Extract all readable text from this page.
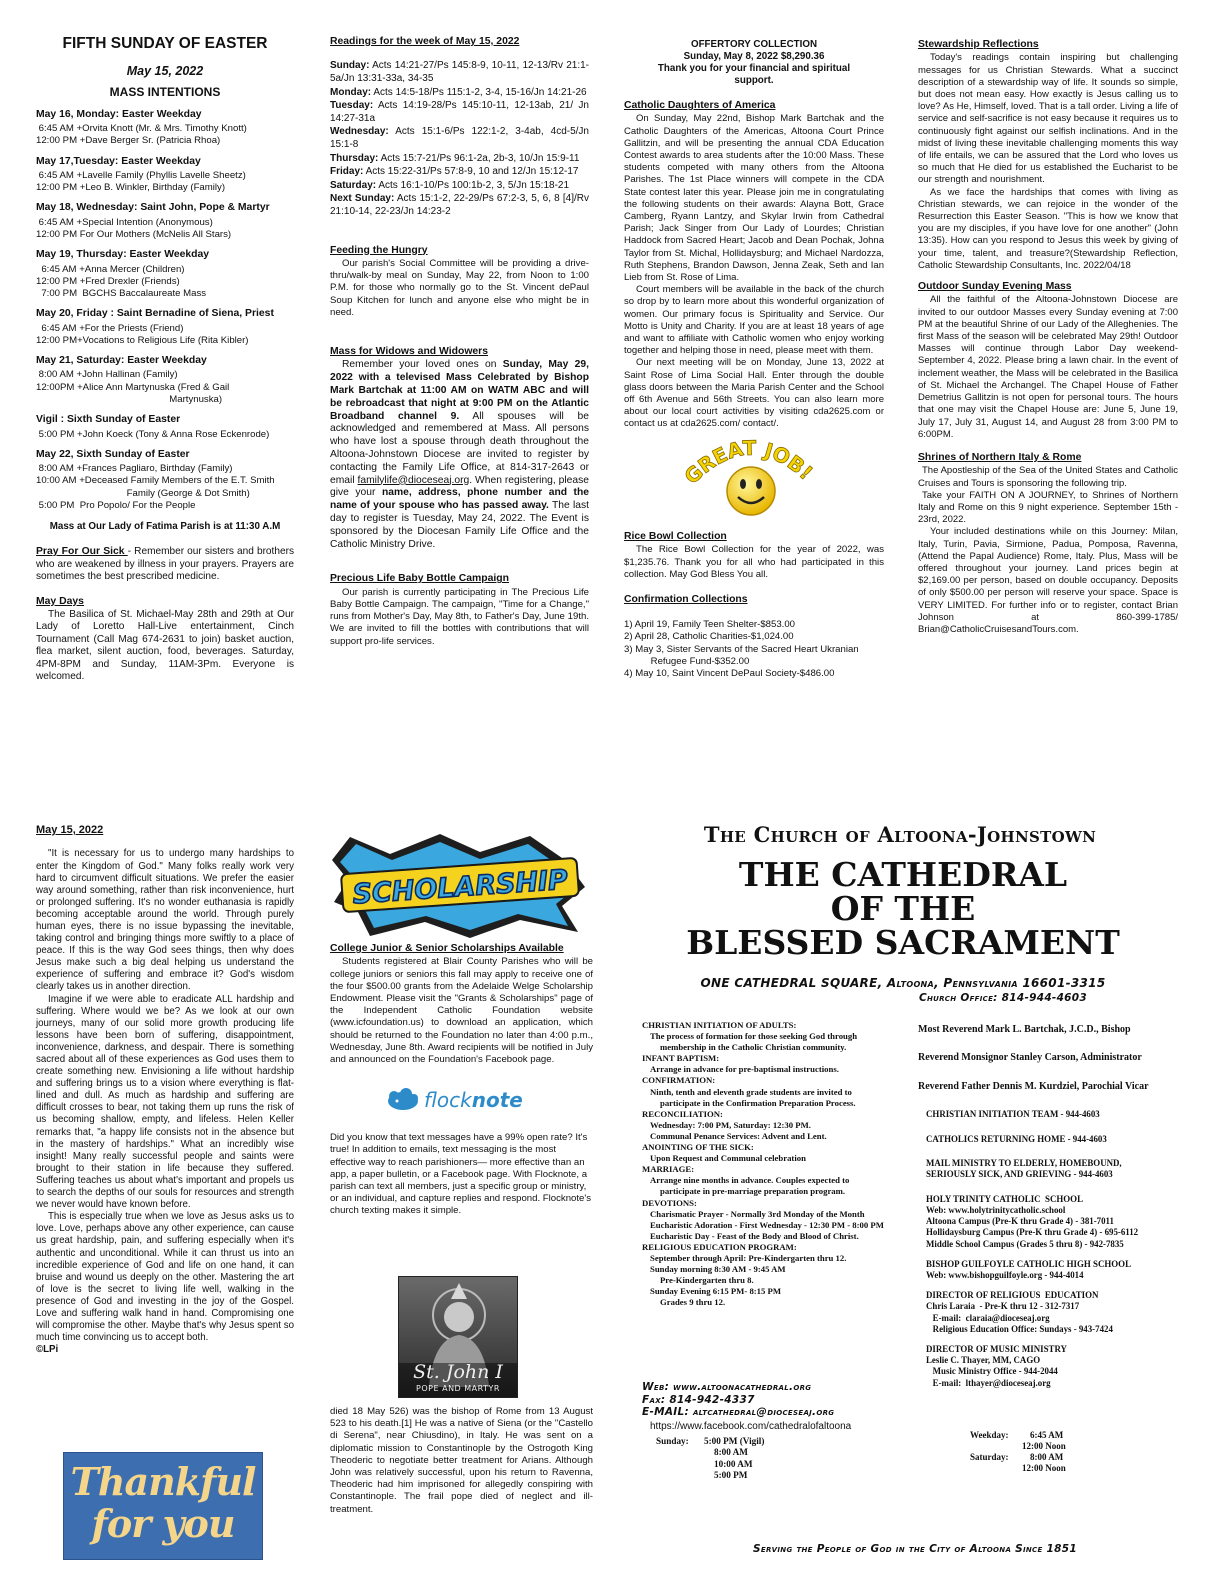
FIFTH SUNDAY OF EASTER
May 15, 2022
MASS INTENTIONS
May 16, Monday: Easter Weekday
6:45 AM +Orvita Knott (Mr. & Mrs. Timothy Knott)
12:00 PM +Dave Berger Sr. (Patricia Rhoa)
May 17,Tuesday: Easter Weekday
6:45 AM +Lavelle Family (Phyllis Lavelle Sheetz)
12:00 PM +Leo B. Winkler, Birthday (Family)
May 18, Wednesday: Saint John, Pope & Martyr
6:45 AM +Special Intention (Anonymous)
12:00 PM For Our Mothers (McNelis All Stars)
May 19, Thursday: Easter Weekday
6:45 AM +Anna Mercer (Children)
12:00 PM +Fred Drexler (Friends)
7:00 PM  BGCHS Baccalaureate Mass
May 20, Friday : Saint Bernadine of Siena, Priest
6:45 AM +For the Priests (Friend)
12:00 PM+Vocations to Religious Life (Rita Kibler)
May 21, Saturday: Easter Weekday
8:00 AM +John Hallinan (Family)
12:00PM +Alice Ann Martynuska (Fred & Gail
Martynuska)
Vigil : Sixth Sunday of Easter
5:00 PM +John Koeck (Tony & Anna Rose Eckenrode)
May 22, Sixth Sunday of Easter
8:00 AM +Frances Pagliaro, Birthday (Family)
10:00 AM +Deceased Family Members of the E.T. Smith
Family (George & Dot Smith)
5:00 PM  Pro Popolo/ For the People
Mass at Our Lady of Fatima Parish is at 11:30 A.M
Pray For Our Sick - Remember our sisters and brothers who are weakened by illness in your prayers. Prayers are sometimes the best prescribed medicine.
May Days
The Basilica of St. Michael-May 28th and 29th at Our Lady of Loretto Hall-Live entertainment, Cinch Tournament (Call Mag 674-2631 to join) basket auction, flea market, silent auction, food, beverages. Saturday, 4PM-8PM and Sunday, 11AM-3Pm. Everyone is welcomed.
Readings for the week of May 15, 2022

Sunday: Acts 14:21-27/Ps 145:8-9, 10-11, 12-13/Rv 21:1-5a/Jn 13:31-33a, 34-35

Monday: Acts 14:5-18/Ps 115:1-2, 3-4, 15-16/Jn 14:21-26

Tuesday: Acts 14:19-28/Ps 145:10-11, 12-13ab, 21/ Jn 14:27-31a

Wednesday: Acts 15:1-6/Ps 122:1-2, 3-4ab, 4cd-5/Jn 15:1-8

Thursday: Acts 15:7-21/Ps 96:1-2a, 2b-3, 10/Jn 15:9-11

Friday: Acts 15:22-31/Ps 57:8-9, 10 and 12/Jn 15:12-17

Saturday: Acts 16:1-10/Ps 100:1b-2, 3, 5/Jn 15:18-21

Next Sunday: Acts 15:1-2, 22-29/Ps 67:2-3, 5, 6, 8 [4]/Rv 21:10-14, 22-23/Jn 14:23-2

Feeding the Hungry
Our parish's Social Committee will be providing a drive-thru/walk-by meal on Sunday, May 22, from Noon to 1:00 P.M. for those who normally go to the St. Vincent dePaul Soup Kitchen for lunch and anyone else who might be in need.
Mass for Widows and Widowers
Remember your loved ones on Sunday, May 29, 2022 with a televised Mass Celebrated by Bishop Mark Bartchak at 11:00 AM on WATM ABC and will be rebroadcast that night at 9:00 PM on the Atlantic Broadband channel 9. All spouses will be acknowledged and remembered at Mass. All persons who have lost a spouse through death throughout the Altoona-Johnstown Diocese are invited to register by contacting the Family Life Office, at 814-317-2643 or email familylife@dioceseaj.org. When registering, please give your name, address, phone number and the name of your spouse who has passed away. The last day to register is Tuesday, May 24, 2022. The Event is sponsored by the Diocesan Family Life Office and the Catholic Ministry Drive.
Precious Life Baby Bottle Campaign
Our parish is currently participating in The Precious Life Baby Bottle Campaign. The campaign, "Time for a Change," runs from Mother's Day, May 8th, to Father's Day, June 19th. We are invited to fill the bottles with contributions that will support pro-life services.
OFFERTORY COLLECTION
Sunday, May 8, 2022 $8,290.36
Thank you for your financial and spiritual support.
Catholic Daughters of America
On Sunday, May 22nd, Bishop Mark Bartchak and the Catholic Daughters of the Americas, Altoona Court Prince Gallitzin, and will be presenting the annual CDA Education Contest awards to area students after the 10:00 Mass. These students competed with many others from the Altoona Parishes. The 1st Place winners will compete in the CDA State contest later this year. Please join me in congratulating the following students on their awards: Alayna Bott, Grace Camberg, Ryann Lantzy, and Skylar Irwin from Cathedral Parish; Jack Singer from Our Lady of Lourdes; Christian Haddock from Sacred Heart; Jacob and Dean Pochak, Johna Taylor from St. Michal, Hollidaysburg; and Michael Nardozza, Ruth Stephens, Brandon Dawson, Jenna Zeak, Seth and Ian Lieb from St. Rose of Lima.
Court members will be available in the back of the church so drop by to learn more about this wonderful organization of women. Our primary focus is Spirituality and Service. Our Motto is Unity and Charity. If you are at least 18 years of age and want to affiliate with Catholic women who enjoy working together and helping those in need, please meet with them.
Our next meeting will be on Monday, June 13, 2022 at Saint Rose of Lima Social Hall. Enter through the double glass doors between the Maria Parish Center and the School off 6th Avenue and 56th Streets. You can also learn more about our local court activities by visiting cda2625.com or contact us at cda2625.com/ contact/.
GREAT JOB!
Rice Bowl Collection
The Rice Bowl Collection for the year of 2022, was $1,235.76. Thank you for all who had participated in this collection. May God Bless You all.
Confirmation Collections
1) April 19, Family Teen Shelter-$853.00
2) April 28, Catholic Charities-$1,024.00
3) May 3, Sister Servants of the Sacred Heart Ukranian
Refugee Fund-$352.00
4) May 10, Saint Vincent DePaul Society-$486.00
Stewardship Reflections
Today's readings contain inspiring but challenging messages for us Christian Stewards. What a succinct description of a stewardship way of life. It sounds so simple, but does not mean easy. How exactly is Jesus calling us to love? As He, Himself, loved. That is a tall order. Living a life of service and self-sacrifice is not easy because it requires us to continuously fight against our selfish inclinations. And in the midst of living these inevitable challenging moments this way of life entails, we can be assured that the Lord who loves us so much that He died for us established the Eucharist to be our strength and nourishment.
As we face the hardships that comes with living as Christian stewards, we can rejoice in the wonder of the Resurrection this Easter Season. "This is how we know that you are my disciples, if you have love for one another" (John 13:35). How can you respond to Jesus this week by giving of your time, talent, and treasure?(Stewardship Reflection, Catholic Stewardship Consultants, Inc. 2022/04/18
Outdoor Sunday Evening Mass
All the faithful of the Altoona-Johnstown Diocese are invited to our outdoor Masses every Sunday evening at 7:00 PM at the beautiful Shrine of our Lady of the Alleghenies. The first Mass of the season will be celebrated May 29th! Outdoor Masses will continue through Labor Day weekend- September 4, 2022. Please bring a lawn chair. In the event of inclement weather, the Mass will be celebrated in the Basilica of St. Michael the Archangel. The Chapel House of Father Demetrius Gallitzin is not open for personal tours. The hours that one may visit the Chapel House are: June 5, June 19, July 17, July 31, August 14, and August 28 from 3:00 PM to 6:00PM.
Shrines of Northern Italy & Rome
The Apostleship of the Sea of the United States and Catholic Cruises and Tours is sponsoring the following trip.
Take your FAITH ON A JOURNEY, to Shrines of Northern Italy and Rome on this 9 night experience. September 15th - 23rd, 2022.
Your included destinations while on this Journey: Milan, Italy, Turin, Pavia, Sirmione, Padua, Pomposa, Ravenna, (Attend the Papal Audience) Rome, Italy. Plus, Mass will be offered throughout your journey. Land prices begin at $2,169.00 per person, based on double occupancy. Deposits of only $500.00 per person will reserve your space. Space is VERY LIMITED. For further info or to register, contact Brian Johnson at 860-399-1785/ Brian@CatholicCruisesandTours.com.
May 15, 2022
"It is necessary for us to undergo many hardships to enter the Kingdom of God." Many folks really work very hard to circumvent difficult situations. We prefer the easier way around something, rather than risk inconvenience, hurt or prolonged suffering. It's no wonder euthanasia is rapidly becoming acceptable around the world. Through purely human eyes, there is no issue bypassing the inevitable, taking control and bringing things more swiftly to a place of peace. If this is the way God sees things, then why does Jesus make such a big deal helping us understand the experience of suffering and embrace it? God's wisdom clearly takes us in another direction.
Imagine if we were able to eradicate ALL hardship and suffering. Where would we be? As we look at our own journeys, many of our solid more growth producing life lessons have been born of suffering, disappointment, inconvenience, darkness, and despair. There is something sacred about all of these experiences as God uses them to create something new. Envisioning a life without hardship and suffering brings us to a vision where everything is flat-lined and dull. As much as hardship and suffering are difficult crosses to bear, not taking them up runs the risk of us becoming shallow, empty, and lifeless. Helen Keller remarks that, "a happy life consists not in the absence but in the mastery of hardships." What an incredibly wise insight! Many really successful people and saints were brought to their station in life because they suffered. Suffering teaches us about what's important and propels us to search the depths of our souls for resources and strength we never would have known before.
This is especially true when we love as Jesus asks us to love. Love, perhaps above any other experience, can cause us great hardship, pain, and suffering especially when it's authentic and unconditional. While it can thrust us into an incredible experience of God and life on one hand, it can bruise and wound us deeply on the other. Mastering the art of love is the secret to living life well, walking in the presence of God and investing in the joy of the Gospel. Love and suffering walk hand in hand. Compromising one will compromise the other. Maybe that's why Jesus spent so much time convincing us to accept both.
©LPi
Thankful
for you
SCHOLARSHIP
College Junior & Senior Scholarships Available
Students registered at Blair County Parishes who will be college juniors or seniors this fall may apply to receive one of the four $500.00 grants from the Adelaide Welge Scholarship Endowment. Please visit the "Grants & Scholarships" page of the Independent Catholic Foundation website (www.icfoundation.us) to download an application, which should be returned to the Foundation no later than 4:00 p.m., Wednesday, June 8th. Award recipients will be notified in July and announced on the Foundation's Facebook page.
flock note
Did you know that text messages have a 99% open rate? It's true! In addition to emails, text messaging is the most effective way to reach parishioners— more effective than an app, a paper bulletin, or a Facebook page. With Flocknote, a parish can text all members, just a specific group or ministry, or an individual, and capture replies and respond. Flocknote's church texting makes it simple.
St. John I
POPE AND MARTYR
died 18 May 526) was the bishop of Rome from 13 August 523 to his death.[1] He was a native of Siena (or the "Castello di Serena", near Chiusdino), in Italy. He was sent on a diplomatic mission to Constantinople by the Ostrogoth King Theoderic to negotiate better treatment for Arians. Although John was relatively successful, upon his return to Ravenna, Theoderic had him imprisoned for allegedly conspiring with Constantinople. The frail pope died of neglect and ill-treatment.
The Church of Altoona-Johnstown
THE CATHEDRAL
OF THE
BLESSED SACRAMENT
ONE CATHEDRAL SQUARE, Altoona, Pennsylvania 16601-3315
Church Office: 814-944-4603
CHRISTIAN INITIATION OF ADULTS:
The process of formation for those seeking God through
membership in the Catholic Christian community.
INFANT BAPTISM:
Arrange in advance for pre-baptismal instructions.
CONFIRMATION:
Ninth, tenth and eleventh grade students are invited to
participate in the Confirmation Preparation Process.
RECONCILIATION:
Wednesday: 7:00 PM, Saturday: 12:30 PM.
Communal Penance Services: Advent and Lent.
ANOINTING OF THE SICK:
Upon Request and Communal celebration
MARRIAGE:
Arrange nine months in advance. Couples expected to
participate in pre-marriage preparation program.
DEVOTIONS:
Charismatic Prayer - Normally 3rd Monday of the Month
Eucharistic Adoration - First Wednesday - 12:30 PM - 8:00 PM
Eucharistic Day - Feast of the Body and Blood of Christ.
RELIGIOUS EDUCATION PROGRAM:
September through April: Pre-Kindergarten thru 12.
Sunday morning 8:30 AM - 9:45 AM
Pre-Kindergarten thru 8.
Sunday Evening 6:15 PM- 8:15 PM
Grades 9 thru 12.
Web: www.altoonacathedral.org
Fax: 814-942-4337
E-MAIL: altcathedral@dioceseaj.org
https://www.facebook.com/cathedralofaltoona
Sunday:	5:00 PM (Vigil)
8:00 AM
10:00 AM
5:00 PM
Most Reverend Mark L. Bartchak, J.C.D., Bishop
Reverend Monsignor Stanley Carson, Administrator
Reverend Father Dennis M. Kurdziel, Parochial Vicar
CHRISTIAN INITIATION TEAM - 944-4603
CATHOLICS RETURNING HOME - 944-4603
MAIL MINISTRY TO ELDERLY, HOMEBOUND,
SERIOUSLY SICK, AND GRIEVING - 944-4603
HOLY TRINITY CATHOLIC  SCHOOL
Web: www.holytrinitycatholic.school
Altoona Campus (Pre-K thru Grade 4) - 381-7011
Hollidaysburg Campus (Pre-K thru Grade 4) - 695-6112
Middle School Campus (Grades 5 thru 8) - 942-7835
BISHOP GUILFOYLE CATHOLIC HIGH SCHOOL
Web: www.bishopguilfoyle.org - 944-4014
DIRECTOR OF RELIGIOUS  EDUCATION
Chris Laraia  - Pre-K thru 12 - 312-7317
E-mail:  claraia@dioceseaj.org
Religious Education Office: Sundays - 943-7424
DIRECTOR OF MUSIC MINISTRY
Leslie C. Thayer, MM, CAGO
Music Ministry Office - 944-2044
E-mail:  lthayer@dioceseaj.org
Weekday:	6:45 AM
12:00 Noon
Saturday:	8:00 AM
12:00 Noon
Serving the People of God in the City of Altoona Since 1851
